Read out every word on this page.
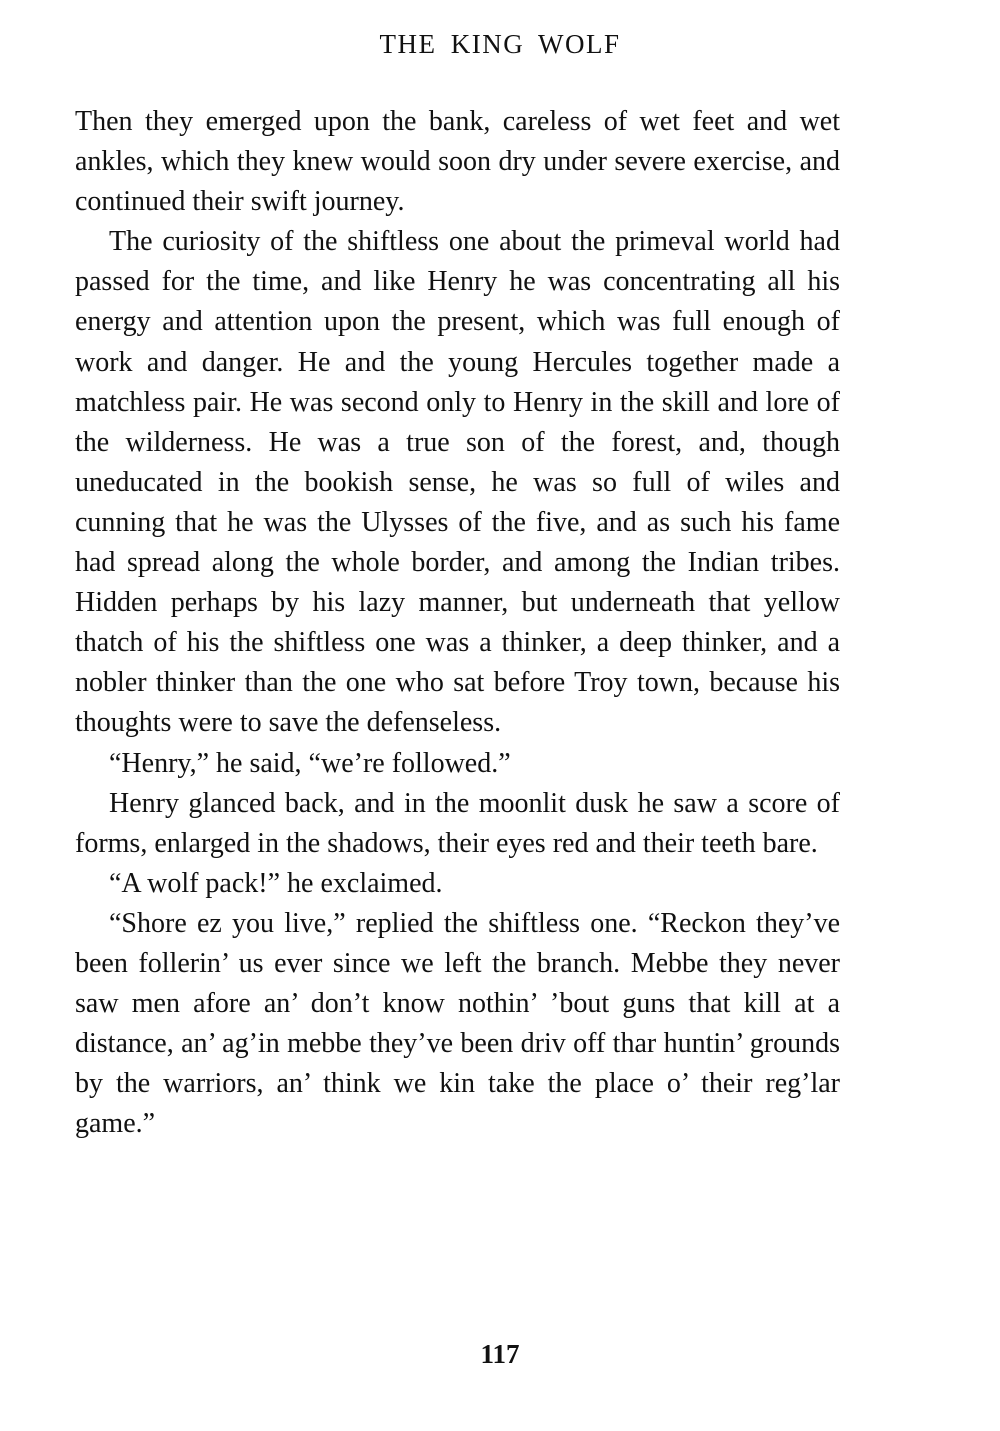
THE KING WOLF

Then they emerged upon the bank, careless of wet feet and wet ankles, which they knew would soon dry under severe exercise, and continued their swift journey.

The curiosity of the shiftless one about the primeval world had passed for the time, and like Henry he was concentrating all his energy and attention upon the present, which was full enough of work and danger. He and the young Hercules together made a matchless pair. He was second only to Henry in the skill and lore of the wilderness. He was a true son of the forest, and, though uneducated in the bookish sense, he was so full of wiles and cunning that he was the Ulysses of the five, and as such his fame had spread along the whole border, and among the Indian tribes. Hidden perhaps by his lazy manner, but underneath that yellow thatch of his the shiftless one was a thinker, a deep thinker, and a nobler thinker than the one who sat before Troy town, because his thoughts were to save the defenseless.

“Henry,” he said, “we’re followed.”

Henry glanced back, and in the moonlit dusk he saw a score of forms, enlarged in the shadows, their eyes red and their teeth bare.

“A wolf pack!” he exclaimed.

“Shore ez you live,” replied the shiftless one. “Reckon they’ve been follerin’ us ever since we left the branch. Mebbe they never saw men afore an’ don’t know nothin’ ’bout guns that kill at a distance, an’ ag’in mebbe they’ve been driv off thar huntin’ grounds by the warriors, an’ think we kin take the place o’ their reg’lar game.”

117
